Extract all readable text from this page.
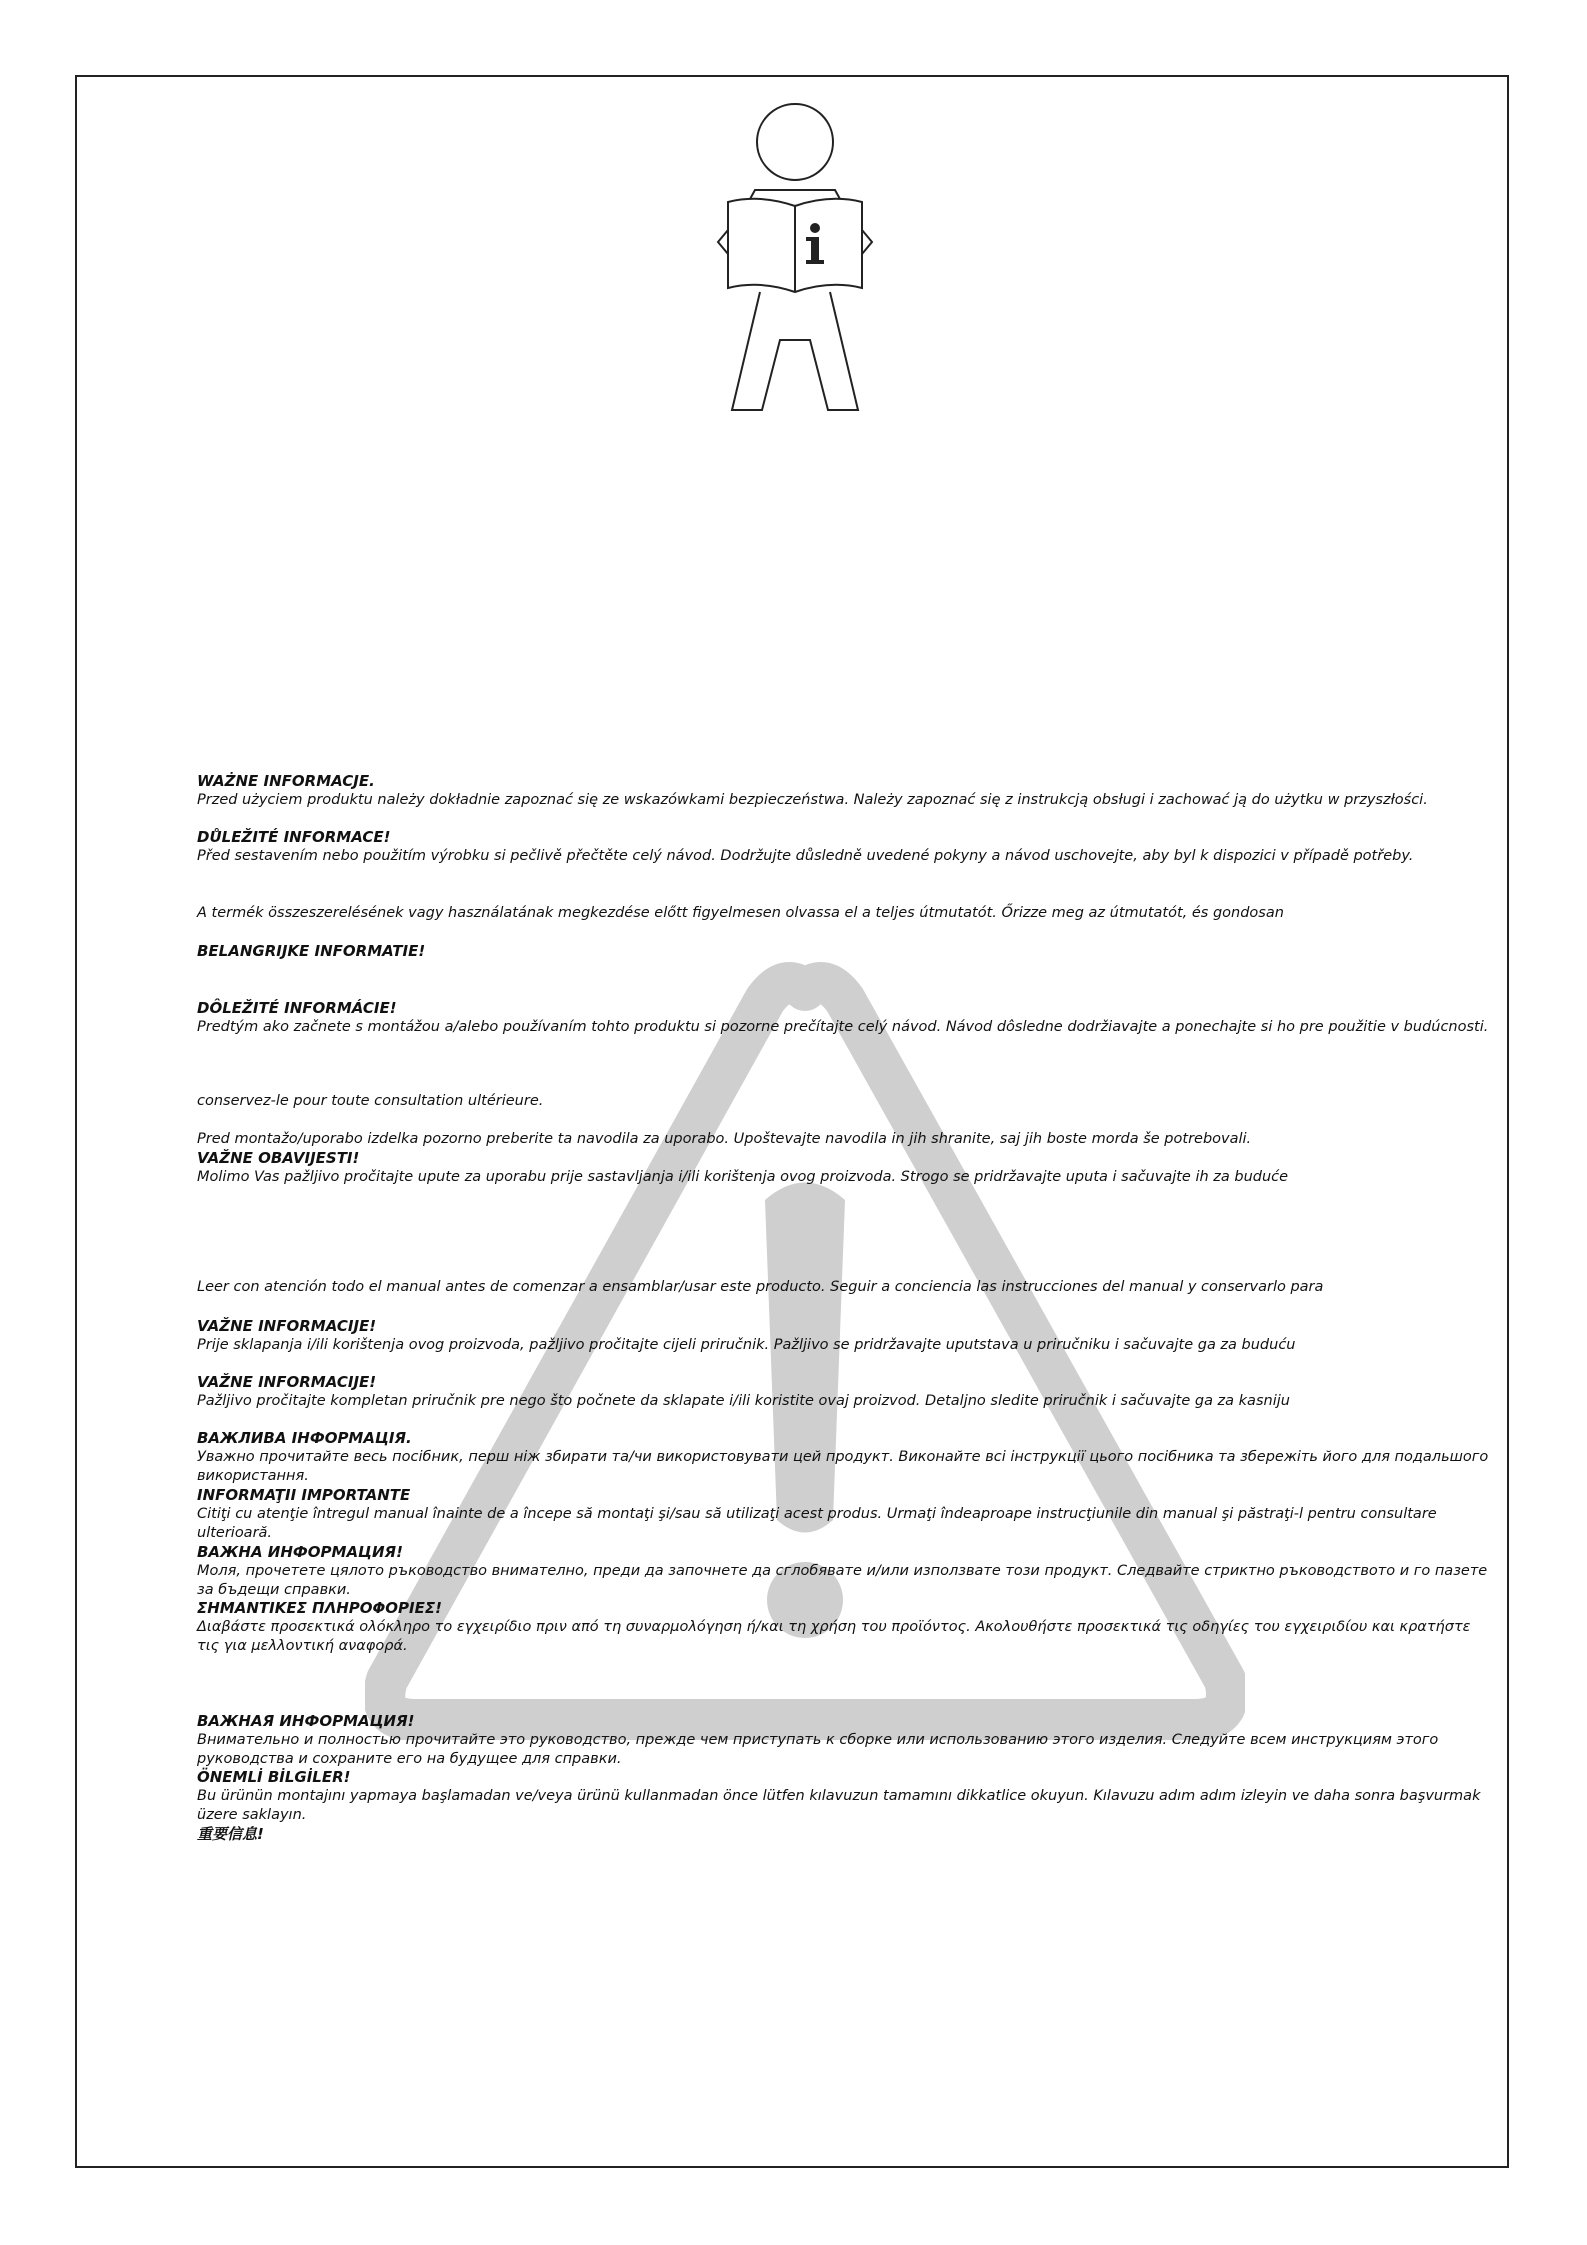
WAŻNE INFORMACJE.

Przed użyciem produktu należy dokładnie zapoznać się ze wskazówkami bezpieczeństwa. Należy zapoznać się z instrukcją obsługi i zachować ją do użytku w przyszłości.

DŮLEŽITÉ INFORMACE!

Před sestavením nebo použitím výrobku si pečlivě přečtěte celý návod. Dodržujte důsledně uvedené pokyny a návod uschovejte, aby byl k dispozici v případě potřeby.

A termék összeszerelésének vagy használatának megkezdése előtt figyelmesen olvassa el a teljes útmutatót. Őrizze meg az útmutatót, és gondosan

BELANGRIJKE INFORMATIE!

DÔLEŽITÉ INFORMÁCIE!

Predtým ako začnete s montážou a/alebo používaním tohto produktu si pozorne prečítajte celý návod. Návod dôsledne dodržiavajte a ponechajte si ho pre použitie v budúcnosti.

conservez-le pour toute consultation ultérieure.

Pred montažo/uporabo izdelka pozorno preberite ta navodila za uporabo. Upoštevajte navodila in jih shranite, saj jih boste morda še potrebovali.

VAŽNE OBAVIJESTI!

Molimo Vas pažljivo pročitajte upute za uporabu prije sastavljanja i/ili korištenja ovog proizvoda. Strogo se pridržavajte uputa i sačuvajte ih za buduće

Leer con atención todo el manual antes de comenzar a ensamblar/usar este producto. Seguir a conciencia las instrucciones del manual y conservarlo para

VAŽNE INFORMACIJE!

Prije sklapanja i/ili korištenja ovog proizvoda, pažljivo pročitajte cijeli priručnik. Pažljivo se pridržavajte uputstava u priručniku i sačuvajte ga za buduću

VAŽNE INFORMACIJE!

Pažljivo pročitajte kompletan priručnik pre nego što počnete da sklapate i/ili koristite ovaj proizvod. Detaljno sledite priručnik i sačuvajte ga za kasniju

ВАЖЛИВА ІНФОРМАЦІЯ.

Уважно прочитайте весь посібник, перш ніж збирати та/чи використовувати цей продукт. Виконайте всі інструкції цього посібника та збережіть його для подальшого використання.

INFORMAŢII IMPORTANTE

Citiţi cu atenţie întregul manual înainte de a începe să montaţi şi/sau să utilizaţi acest produs. Urmaţi îndeaproape instrucţiunile din manual şi păstraţi-l pentru consultare ulterioară.

ВАЖНА ИНФОРМАЦИЯ!

Моля, прочетете цялото ръководство внимателно, преди да започнете да сглобявате и/или използвате този продукт. Следвайте стриктно ръководството и го пазете за бъдещи справки.

ΣΗΜΑΝΤΙΚΕΣ ΠΛΗΡΟΦΟΡΙΕΣ!

Διαβάστε προσεκτικά ολόκληρο το εγχειρίδιο πριν από τη συναρμολόγηση ή/και τη χρήση του προϊόντος. Ακολουθήστε προσεκτικά τις οδηγίες του εγχειριδίου και κρατήστε τις για μελλοντική αναφορά.

ВАЖНАЯ ИНФОРМАЦИЯ!

Внимательно и полностью прочитайте это руководство, прежде чем приступать к сборке или использованию этого изделия. Следуйте всем инструкциям этого руководства и сохраните его на будущее для справки.

ÖNEMLİ BİLGİLER!

Bu ürünün montajını yapmaya başlamadan ve/veya ürünü kullanmadan önce lütfen kılavuzun tamamını dikkatlice okuyun. Kılavuzu adım adım izleyin ve daha sonra başvurmak üzere saklayın.

重要信息!
